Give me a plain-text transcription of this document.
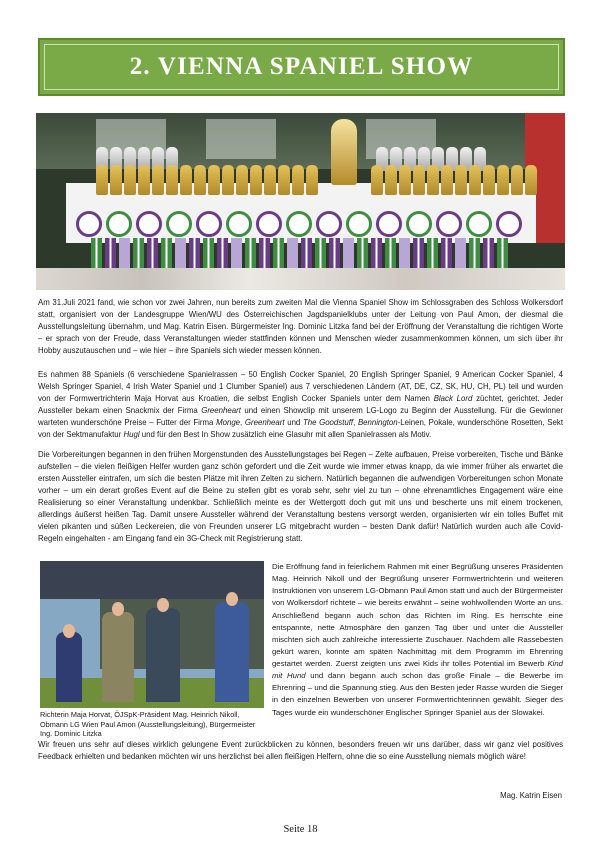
2. VIENNA SPANIEL SHOW

Am 31.Juli 2021 fand, wie schon vor zwei Jahren, nun bereits zum zweiten Mal die Vienna Spaniel Show im Schlossgraben des Schloss Wolkersdorf statt, organisiert von der Landesgruppe Wien/WU des Österreichischen Jagdspanielklubs unter der Leitung von Paul Amon, der diesmal die Ausstellungsleitung übernahm, und Mag. Katrin Eisen. Bürgermeister Ing. Dominic Litzka fand bei der Eröffnung der Veranstaltung die richtigen Worte – er sprach von der Freude, dass Veranstaltungen wieder stattfinden können und Menschen wieder zusammenkommen können, um sich über ihr Hobby auszutauschen und – wie hier – ihre Spaniels sich wieder messen können.

Es nahmen 88 Spaniels (6 verschiedene Spanielrassen – 50 English Cocker Spaniel, 20 English Springer Spaniel, 9 American Cocker Spaniel, 4 Welsh Springer Spaniel, 4 Irish Water Spaniel und 1 Clumber Spaniel) aus 7 verschiedenen Ländern (AT, DE, CZ, SK, HU, CH, PL) teil und wurden von der Formwertrichterin Maja Horvat aus Kroatien, die selbst English Cocker Spaniels unter dem Namen Black Lord züchtet, gerichtet. Jeder Aussteller bekam einen Snackmix der Firma Greenheart und einen Showclip mit unserem LG-Logo zu Beginn der Ausstellung. Für die Gewinner warteten wunderschöne Preise – Futter der Firma Monge, Greenheart und The Goodstuff, Bennington-Leinen, Pokale, wunderschöne Rosetten, Sekt von der Sektmanufaktur Hugl und für den Best In Show zusätzlich eine Glasuhr mit allen Spanielrassen als Motiv.

Die Vorbereitungen begannen in den frühen Morgenstunden des Ausstellungstages bei Regen – Zelte aufbauen, Preise vorbereiten, Tische und Bänke aufstellen – die vielen fleißigen Helfer wurden ganz schön gefordert und die Zeit wurde wie immer etwas knapp, da wie immer früher als erwartet die ersten Aussteller eintrafen, um sich die besten Plätze mit ihren Zelten zu sichern. Natürlich begannen die aufwendigen Vorbereitungen schon Monate vorher – um ein derart großes Event auf die Beine zu stellen gibt es vorab sehr, sehr viel zu tun – ohne ehrenamtliches Engagement wäre eine Realisierung so einer Veranstaltung undenkbar. Schließlich meinte es der Wettergott doch gut mit uns und bescherte uns mit einem trockenen, allerdings äußerst heißen Tag. Damit unsere Aussteller während der Veranstaltung bestens versorgt werden, organisierten wir ein tolles Buffet mit vielen pikanten und süßen Leckereien, die von Freunden unserer LG mitgebracht wurden – besten Dank dafür! Natürlich wurden auch alle Covid-Regeln eingehalten - am Eingang fand ein 3G-Check mit Registrierung statt.

Richterin Maja Horvat, ÖJSpK-Präsident Mag. Heinrich Nikoll, Obmann LG Wien Paul Amon (Ausstellungsleitung), Bürgermeister Ing. Dominic Litzka

Die Eröffnung fand in feierlichem Rahmen mit einer Begrüßung unseres Präsidenten Mag. Heinrich Nikoll und der Begrüßung unserer Formwertrichterin und weiteren Instruktionen von unserem LG-Obmann Paul Amon statt und auch der Bürgermeister von Wolkersdorf richtete – wie bereits erwähnt – seine wohlwollenden Worte an uns. Anschließend begann auch schon das Richten im Ring. Es herrschte eine entspannte, nette Atmosphäre den ganzen Tag über und unter die Aussteller mischten sich auch zahlreiche interessierte Zuschauer. Nachdem alle Rassebesten gekürt waren, konnte am späten Nachmittag mit dem Programm im Ehrenring gestartet werden. Zuerst zeigten uns zwei Kids ihr tolles Potential im Bewerb Kind mit Hund und dann begann auch schon das große Finale – die Bewerbe im Ehrenring – und die Spannung stieg. Aus den Besten jeder Rasse wurden die Sieger in den einzelnen Bewerben von unserer Formwertrichterinnen gewählt. Sieger des Tages wurde ein wunderschöner Englischer Springer Spaniel aus der Slowakei.

Wir freuen uns sehr auf dieses wirklich gelungene Event zurückblicken zu können, besonders freuen wir uns darüber, dass wir ganz viel positives Feedback erhielten und bedanken möchten wir uns herzlichst bei allen fleißigen Helfern, ohne die so eine Ausstellung niemals möglich wäre!

Mag. Katrin Eisen
Seite 18
